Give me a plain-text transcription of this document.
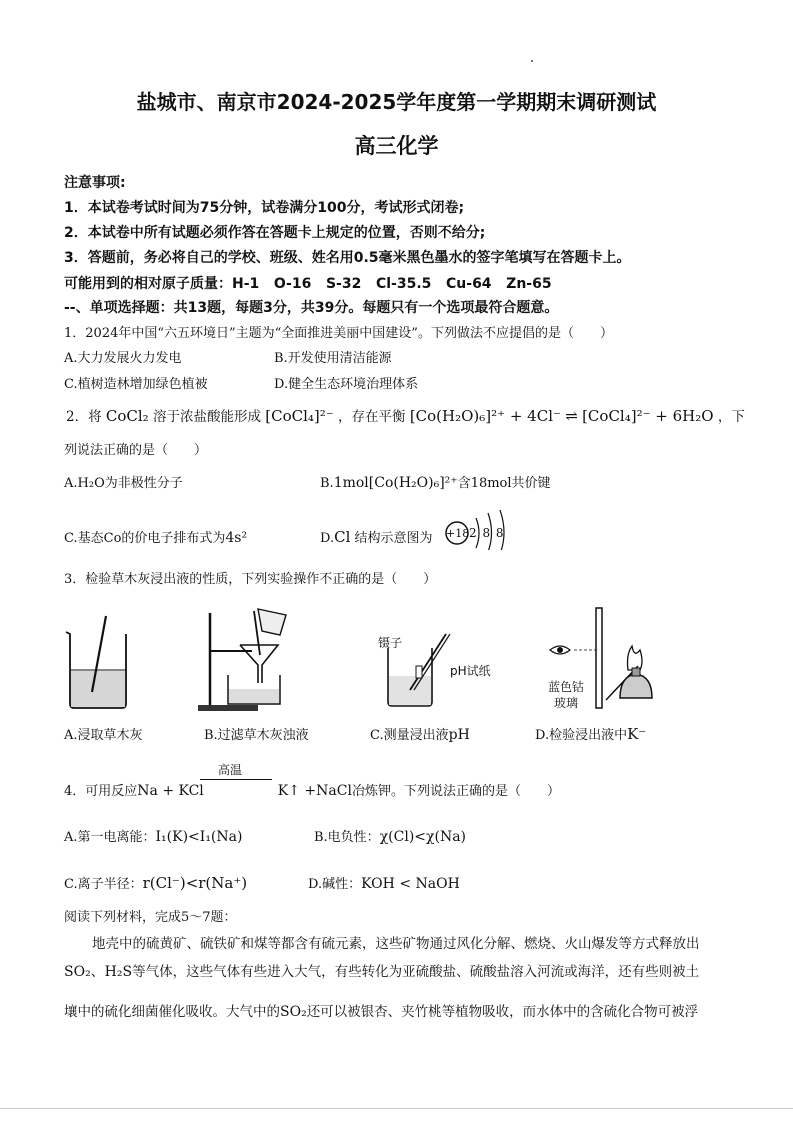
盐城市、南京市2024-2025学年度第一学期期末调研测试
高三化学
注意事项:
1．本试卷考试时间为75分钟，试卷满分100分，考试形式闭卷;
2．本试卷中所有试题必须作答在答题卡上规定的位置，否则不给分;
3．答题前，务必将自己的学校、班级、姓名用0.5毫米黑色墨水的签字笔填写在答题卡上。
可能用到的相对原子质量：H-1   O-16   S-32   Cl-35.5   Cu-64   Zn-65
--、单项选择题：共13题，每题3分，共39分。每题只有一个选项最符合题意。
1．2024年中国“六五环境日”主题为“全面推进美丽中国建设”。下列做法不应提倡的是（　　）
A.大力发展火力发电	B.开发使用清洁能源
C.植树造林增加绿色植被	D.健全生态环境治理体系
2．将 CoCl₂ 溶于浓盐酸能形成 [CoCl₄]²⁻ ，存在平衡 [Co(H₂O)₆]²⁺ + 4Cl⁻ ⇌ [CoCl₄]²⁻ + 6H₂O ，下
列说法正确的是（　　）
A.H₂O为非极性分子	B.1mol[Co(H₂O)₆]²⁺含18mol共价键
C.基态Co的价电子排布式为4s²	D.Cl 结构示意图为 +18 2 8 8
3．检验草木灰浸出液的性质，下列实验操作不正确的是（　　）
镊子
pH试纸
蓝色钴
玻璃
A.浸取草木灰	B.过滤草木灰浊液	C.测量浸出液pH	D.检验浸出液中K⁻
高温
4．可用反应Na + KCl	K↑ +NaCl冶炼钾。下列说法正确的是（　　）
A.第一电离能：I₁(K)<I₁(Na)	B.电负性：χ(Cl)<χ(Na)
C.离子半径：r(Cl⁻)<r(Na⁺)	D.碱性：KOH < NaOH
阅读下列材料，完成5～7题：
地壳中的硫黄矿、硫铁矿和煤等都含有硫元素，这些矿物通过风化分解、燃烧、火山爆发等方式释放出
SO₂、H₂S等气体，这些气体有些进入大气，有些转化为亚硫酸盐、硫酸盐溶入河流或海洋，还有些则被土
壤中的硫化细菌催化吸收。大气中的SO₂还可以被银杏、夹竹桃等植物吸收，而水体中的含硫化合物可被浮
